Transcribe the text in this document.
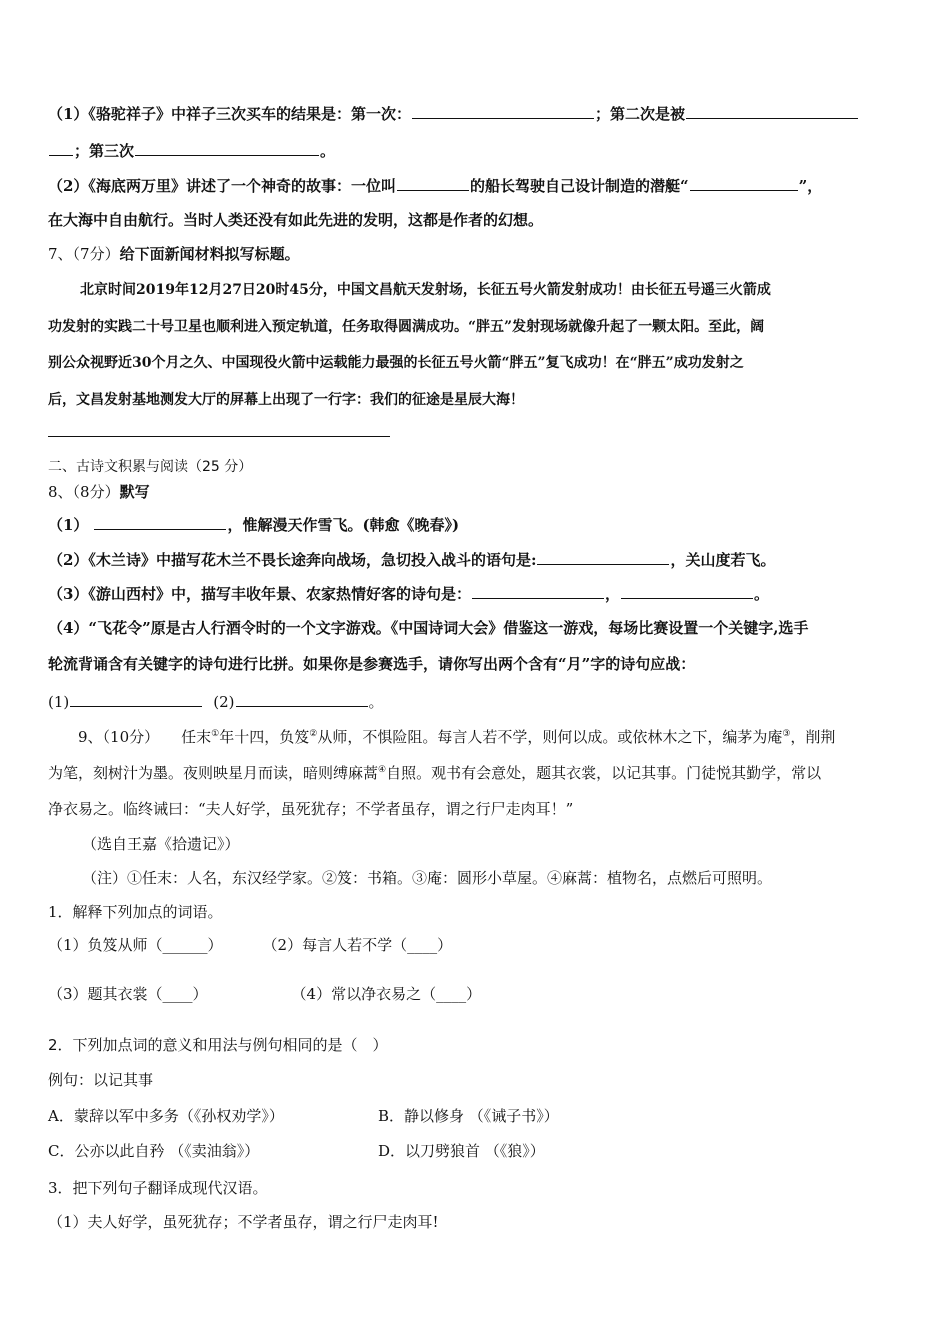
（1）《骆驼祥子》中祥子三次买车的结果是：第一次：	；第二次是被
；第三次	。
（2）《海底两万里》讲述了一个神奇的故事：一位叫	的船长驾驶自己设计制造的潜艇“	”，
在大海中自由航行。当时人类还没有如此先进的发明，这都是作者的幻想。
7、（7分）给下面新闻材料拟写标题。
北京时间2019年12月27日20时45分，中国文昌航天发射场，长征五号火箭发射成功！由长征五号遥三火箭成
功发射的实践二十号卫星也顺利进入预定轨道，任务取得圆满成功。“胖五”发射现场就像升起了一颗太阳。至此，阔
别公众视野近30个月之久、中国现役火箭中运载能力最强的长征五号火箭“胖五”复飞成功！在“胖五”成功发射之
后，文昌发射基地测发大厅的屏幕上出现了一行字：我们的征途是星辰大海！
二、古诗文积累与阅读（25 分）
8、（8分）默写
（1）	，惟解漫天作雪飞。(韩愈《晚春》)
（2）《木兰诗》中描写花木兰不畏长途奔向战场，急切投入战斗的语句是:	，关山度若飞。
（3）《游山西村》中，描写丰收年景、农家热情好客的诗句是：	，	。
（4）“飞花令”原是古人行酒令时的一个文字游戏。《中国诗词大会》借鉴这一游戏，每场比赛设置一个关键字,选手
轮流背诵含有关键字的诗句进行比拼。如果你是参赛选手，请你写出两个含有“月”字的诗句应战：
(1)	(2)	。
9、（10分） 任末①年十四，负笈②从师，不惧险阻。每言人若不学，则何以成。或依林木之下，编茅为庵③，削荆
为笔，刻树汁为墨。夜则映星月而读，暗则缚麻蒿④自照。观书有会意处，题其衣裳，以记其事。门徒悦其勤学，常以
净衣易之。临终诫曰：“夫人好学，虽死犹存；不学者虽存，谓之行尸走肉耳！”
（选自王嘉《拾遗记》）
（注）①任末：人名，东汉经学家。②笈：书箱。③庵：圆形小草屋。④麻蒿：植物名，点燃后可照明。
1．解释下列加点的词语。
（1）负笈从师（______）	（2）每言人若不学（____）
（3）题其衣裳（____）	（4）常以净衣易之（____）
2．下列加点词的意义和用法与例句相同的是（　）
例句：以记其事
A．蒙辞以军中多务（《孙权劝学》）	B．静以修身 （《诫子书》）
C．公亦以此自矜 （《卖油翁》）	D．以刀劈狼首 （《狼》）
3．把下列句子翻译成现代汉语。
（1）夫人好学，虽死犹存；不学者虽存，谓之行尸走肉耳!
